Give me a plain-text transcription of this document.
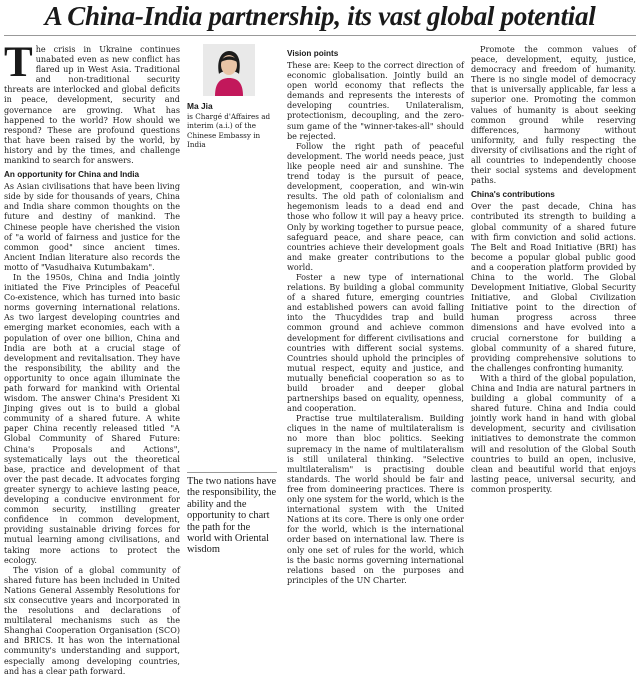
A China-India partnership, its vast global potential

The crisis in Ukraine continues unabated even as new conflict has flared up in West Asia. Traditional and non-traditional security threats are interlocked and global deficits in peace, development, security and governance are growing. What has happened to the world? How should we respond? These are profound questions that have been raised by the world, by history and by the times, and challenge mankind to search for answers.

An opportunity for China and India

As Asian civilisations that have been living side by side for thousands of years, China and India share common thoughts on the future and destiny of mankind. The Chinese people have cherished the vision of "a world of fairness and justice for the common good" since ancient times. Ancient Indian literature also records the motto of "Vasudhaiva Kutumbakam".

In the 1950s, China and India jointly initiated the Five Principles of Peaceful Co-existence, which has turned into basic norms governing international relations. As two largest developing countries and emerging market economies, each with a population of over one billion, China and India are both at a crucial stage of development and revitalisation. They have the responsibility, the ability and the opportunity to once again illuminate the path forward for mankind with Oriental wisdom. The answer China's President Xi Jinping gives out is to build a global community of a shared future. A white paper China recently released titled "A Global Community of Shared Future: China's Proposals and Actions", systematically lays out the theoretical base, practice and development of that over the past decade. It advocates forging greater synergy to achieve lasting peace, developing a conducive environment for common security, instilling greater confidence in common development, providing sustainable driving forces for mutual learning among civilisations, and taking more actions to protect the ecology.

The vision of a global community of shared future has been included in United Nations General Assembly Resolutions for six consecutive years and incorporated in the resolutions and declarations of multilateral mechanisms such as the Shanghai Cooperation Organisation (SCO) and BRICS. It has won the international community's understanding and support, especially among developing countries, and has a clear path forward.

Ma Jia
is Chargé d'Affaires ad interim (a.i.) of the Chinese Embassy in India
The two nations have the responsibility, the ability and the opportunity to chart the path for the world with Oriental wisdom
Vision points

These are: Keep to the correct direction of economic globalisation. Jointly build an open world economy that reflects the demands and represents the interests of developing countries. Unilateralism, protectionism, decoupling, and the zero-sum game of the "winner-takes-all" should be rejected.

Follow the right path of peaceful development. The world needs peace, just like people need air and sunshine. The trend today is the pursuit of peace, development, cooperation, and win-win results. The old path of colonialism and hegemonism leads to a dead end and those who follow it will pay a heavy price. Only by working together to pursue peace, safeguard peace, and share peace, can countries achieve their development goals and make greater contributions to the world.

Foster a new type of international relations. By building a global community of a shared future, emerging countries and established powers can avoid falling into the Thucydides trap and build common ground and achieve common development for different civilisations and countries with different social systems. Countries should uphold the principles of mutual respect, equity and justice, and mutually beneficial cooperation so as to build broader and deeper global partnerships based on equality, openness, and cooperation.

Practise true multilateralism. Building cliques in the name of multilateralism is no more than bloc politics. Seeking supremacy in the name of multilateralism is still unilateral thinking. "Selective multilateralism" is practising double standards. The world should be fair and free from domineering practices. There is only one system for the world, which is the international system with the United Nations at its core. There is only one order for the world, which is the international order based on international law. There is only one set of rules for the world, which is the basic norms governing international relations based on the purposes and principles of the UN Charter.

Promote the common values of peace, development, equity, justice, democracy and freedom of humanity. There is no single model of democracy that is universally applicable, far less a superior one. Promoting the common values of humanity is about seeking common ground while reserving differences, harmony without uniformity, and fully respecting the diversity of civilisations and the right of all countries to independently choose their social systems and development paths.

China's contributions

Over the past decade, China has contributed its strength to building a global community of a shared future with firm conviction and solid actions. The Belt and Road Initiative (BRI) has become a popular global public good and a cooperation platform provided by China to the world. The Global Development Initiative, Global Security Initiative, and Global Civilization Initiative point to the direction of human progress across three dimensions and have evolved into a crucial cornerstone for building a global community of a shared future, providing comprehensive solutions to the challenges confronting humanity.

With a third of the global population, China and India are natural partners in building a global community of a shared future. China and India could jointly work hand in hand with global development, security and civilisation initiatives to demonstrate the common will and resolution of the Global South countries to build an open, inclusive, clean and beautiful world that enjoys lasting peace, universal security, and common prosperity.
